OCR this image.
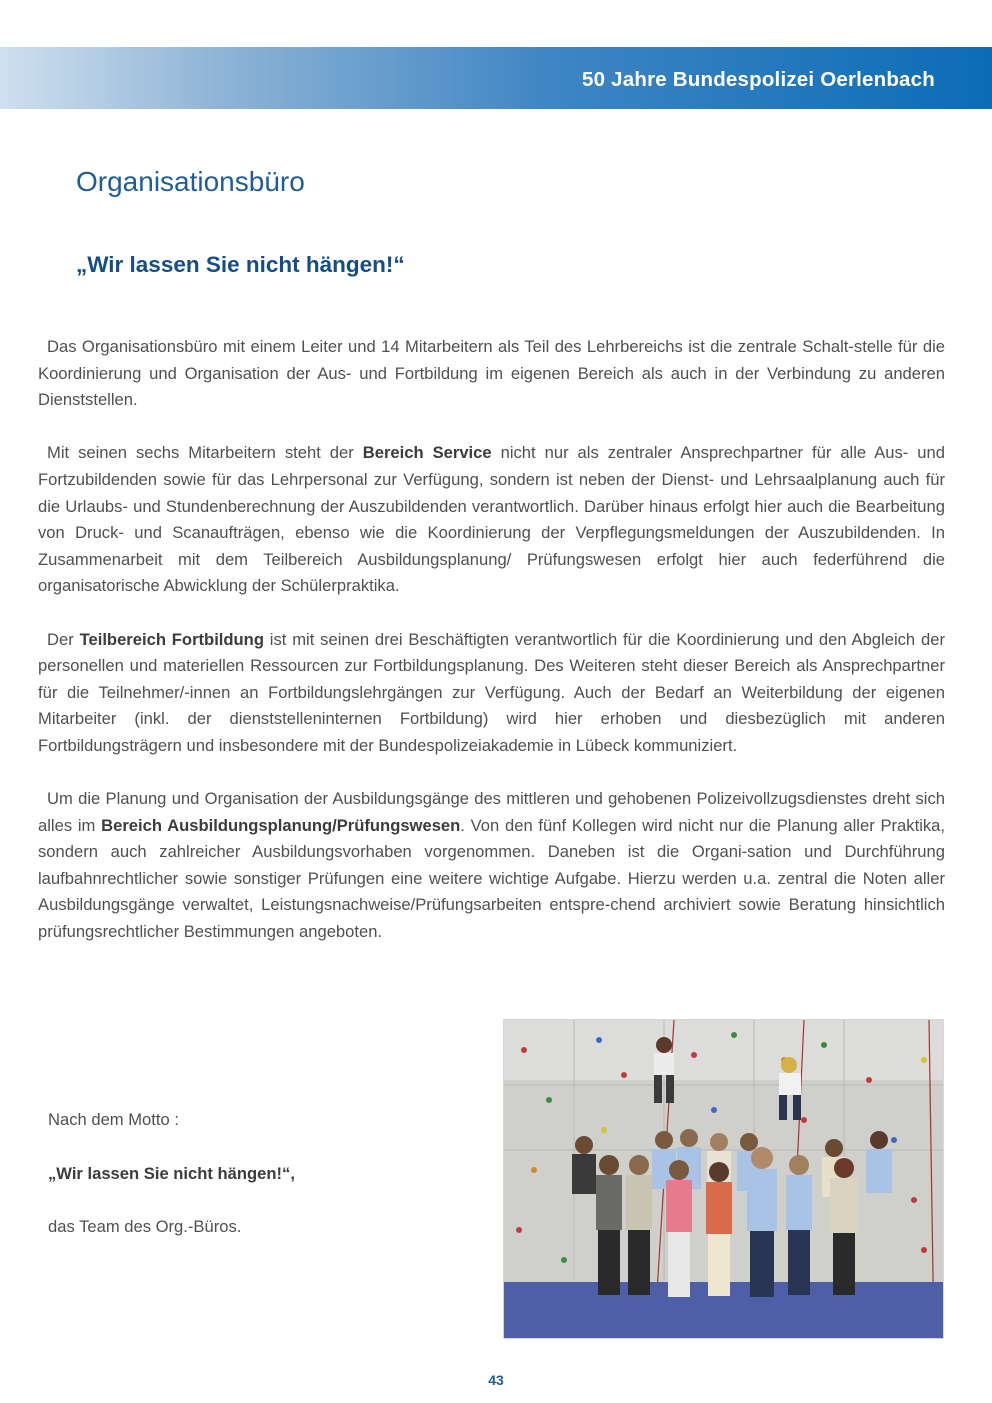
50 Jahre Bundespolizei Oerlenbach
Organisationsbüro
„Wir lassen Sie nicht hängen!“

Das Organisationsbüro mit einem Leiter und 14 Mitarbeitern als Teil des Lehrbereichs ist die zentrale Schalt-stelle für die Koordinierung und Organisation der Aus- und Fortbildung im eigenen Bereich als auch in der Verbindung zu anderen Dienststellen.

Mit seinen sechs Mitarbeitern steht der Bereich Service nicht nur als zentraler Ansprechpartner für alle Aus- und Fortzubildenden sowie für das Lehrpersonal zur Verfügung, sondern ist neben der Dienst- und Lehrsaalplanung auch für die Urlaubs- und Stundenberechnung der Auszubildenden verantwortlich. Darüber hinaus erfolgt hier auch die Bearbeitung von Druck- und Scanaufträgen, ebenso wie die Koordinierung der Verpflegungsmeldungen der Auszubildenden. In Zusammenarbeit mit dem Teilbereich Ausbildungsplanung/ Prüfungswesen erfolgt hier auch federführend die organisatorische Abwicklung der Schülerpraktika.

Der Teilbereich Fortbildung ist mit seinen drei Beschäftigten verantwortlich für die Koordinierung und den Abgleich der personellen und materiellen Ressourcen zur Fortbildungsplanung. Des Weiteren steht dieser Bereich als Ansprechpartner für die Teilnehmer/-innen an Fortbildungslehrgängen zur Verfügung. Auch der Bedarf an Weiterbildung der eigenen Mitarbeiter (inkl. der dienststelleninternen Fortbildung) wird hier erhoben und diesbezüglich mit anderen Fortbildungsträgern und insbesondere mit der Bundespolizeiakademie in Lübeck kommuniziert.

Um die Planung und Organisation der Ausbildungsgänge des mittleren und gehobenen Polizeivollzugsdienstes dreht sich alles im Bereich Ausbildungsplanung/Prüfungswesen. Von den fünf Kollegen wird nicht nur die Planung aller Praktika, sondern auch zahlreicher Ausbildungsvorhaben vorgenommen. Daneben ist die Organi-sation und Durchführung laufbahnrechtlicher sowie sonstiger Prüfungen eine weitere wichtige Aufgabe. Hierzu werden u.a. zentral die Noten aller Ausbildungsgänge verwaltet, Leistungsnachweise/Prüfungsarbeiten entspre-chend archiviert sowie Beratung hinsichtlich prüfungsrechtlicher Bestimmungen angeboten.

Nach dem Motto :
„Wir lassen Sie nicht hängen!“,
das Team des Org.-Büros.
43
